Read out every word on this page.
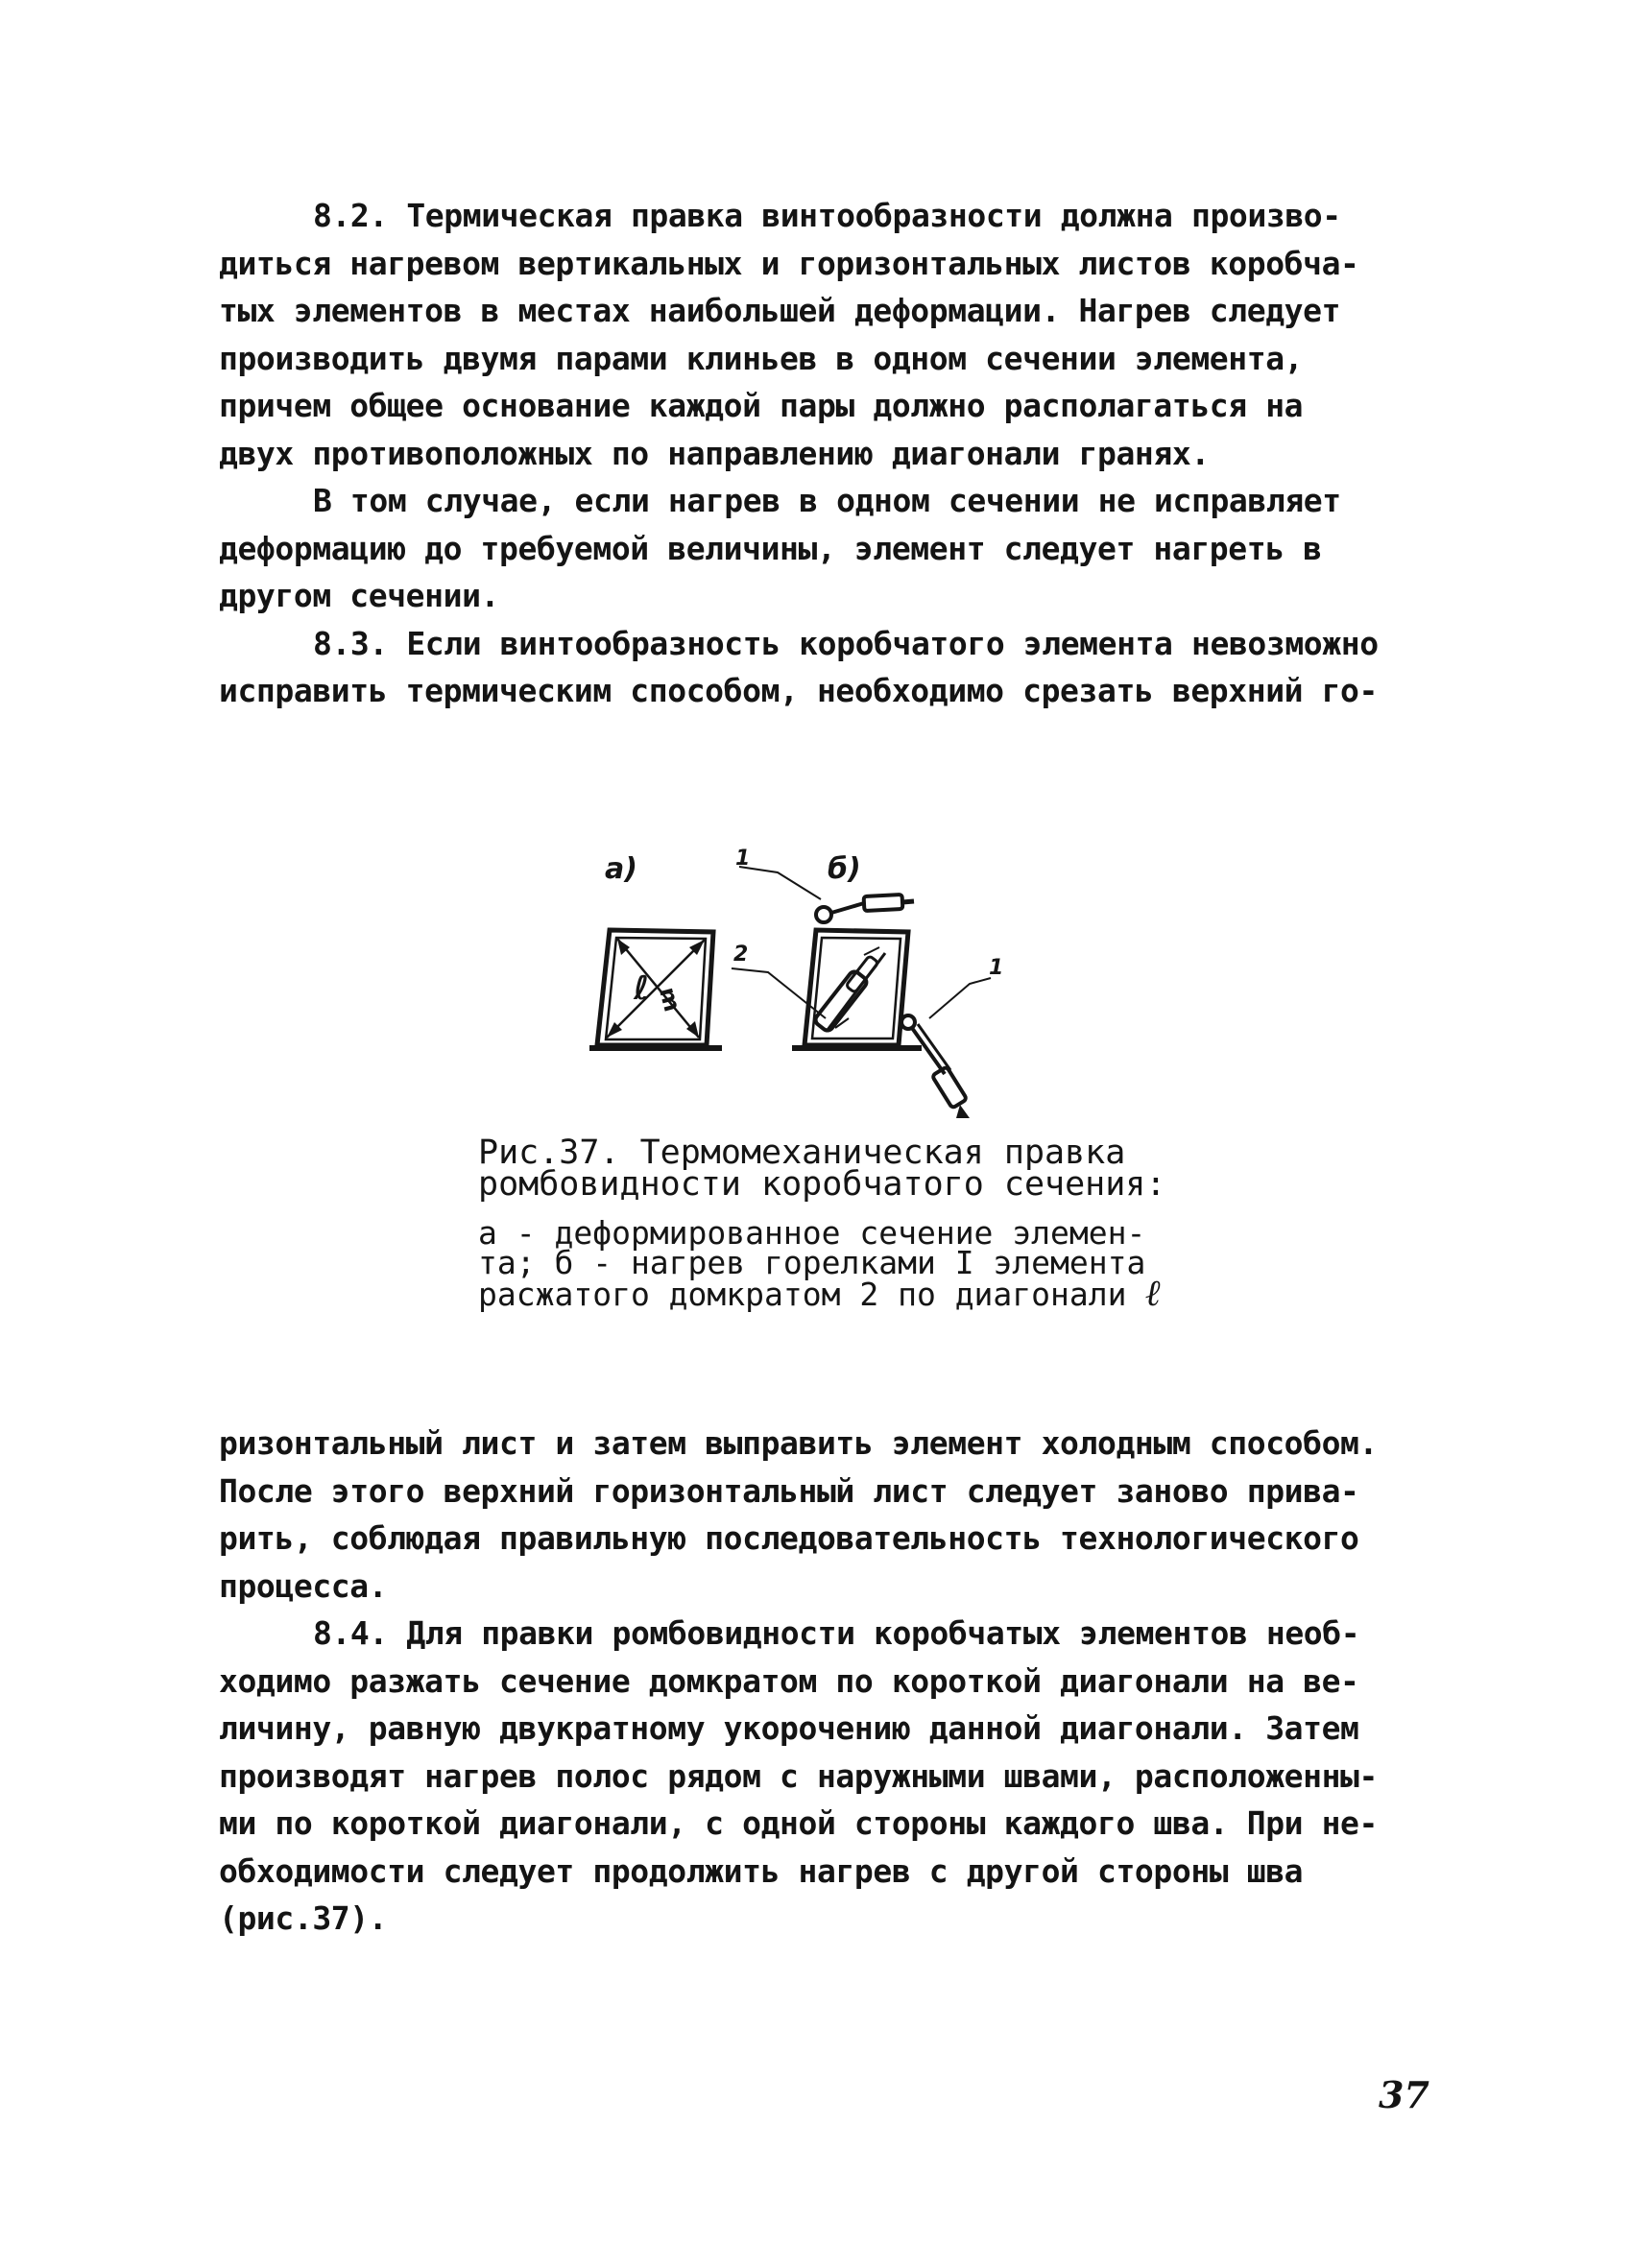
8.2. Термическая правка винтообразности должна произво-
диться нагревом вертикальных и горизонтальных листов коробча-
тых элементов в местах наибольшей деформации. Нагрев следует
производить двумя парами клиньев в одном сечении элемента,
причем общее основание каждой пары должно располагаться на
двух противоположных по направлению диагонали гранях.
В том случае, если нагрев в одном сечении не исправляет
деформацию до требуемой величины, элемент следует нагреть в
другом сечении.
8.3. Если винтообразность коробчатого элемента невозможно
исправить термическим способом, необходимо срезать верхний го-
а)
ℓ m
б)
1
2
1
Рис.37. Термомеханическая правка
ромбовидности коробчатого сечения:
а - деформированное сечение элемен-
та; б - нагрев горелками I элемента
расжатого домкратом 2 по диагонали ℓ
ризонтальный лист и затем выправить элемент холодным способом.
После этого верхний горизонтальный лист следует заново прива-
рить, соблюдая правильную последовательность технологического
процесса.
8.4. Для правки ромбовидности коробчатых элементов необ-
ходимо разжать сечение домкратом по короткой диагонали на ве-
личину, равную двукратному укорочению данной диагонали. Затем
производят нагрев полос рядом с наружными швами, расположенны-
ми по короткой диагонали, с одной стороны каждого шва. При не-
обходимости следует продолжить нагрев с другой стороны шва
(рис.37).
37
